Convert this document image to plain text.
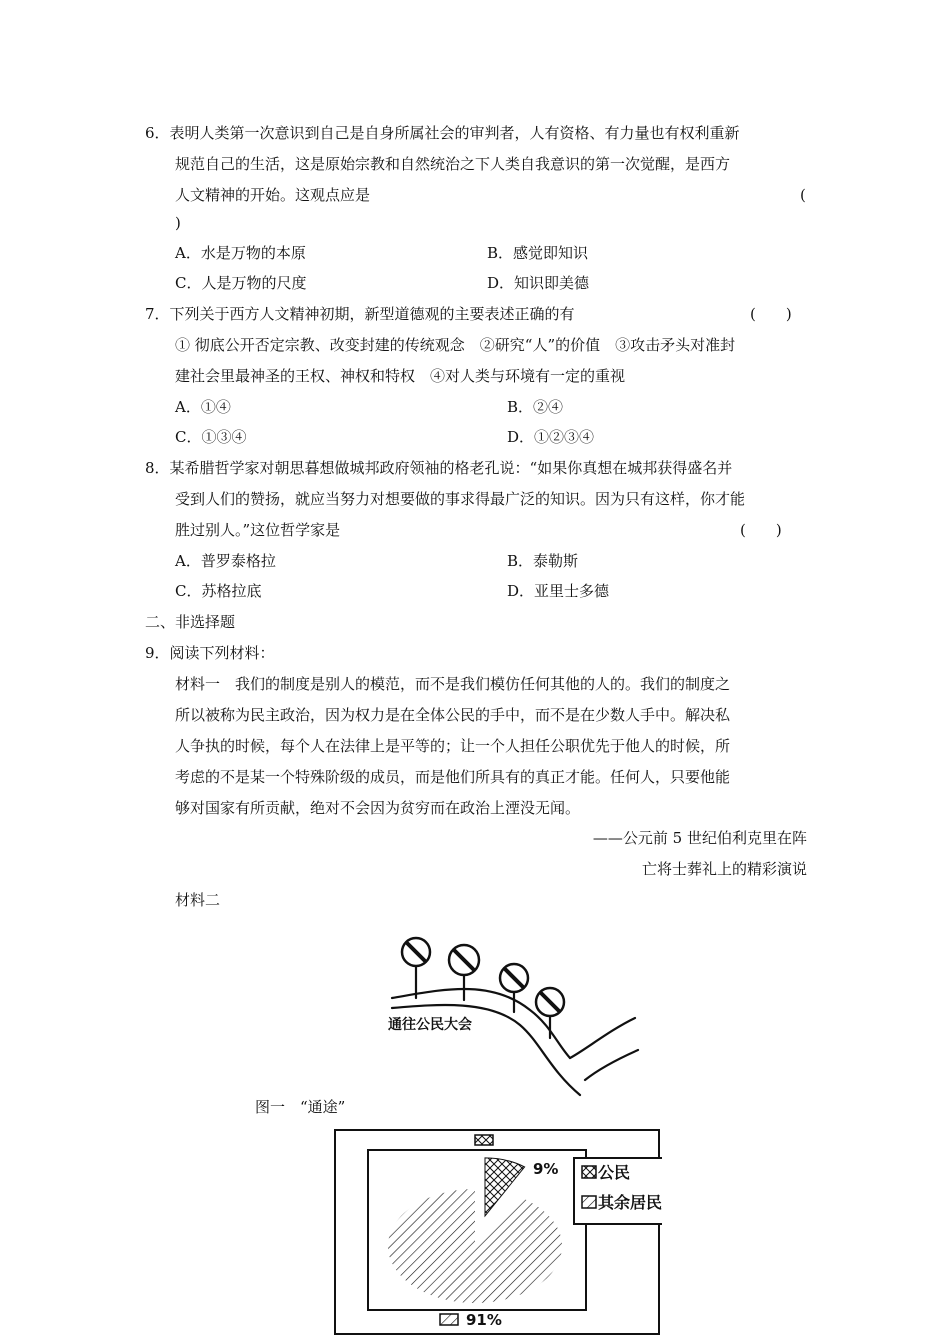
6．表明人类第一次意识到自己是自身所属社会的审判者，人有资格、有力量也有权利重新
规范自己的生活，这是原始宗教和自然统治之下人类自我意识的第一次觉醒，是西方
人文精神的开始。这观点应是	(
)
A．水是万物的本原	B．感觉即知识
C．人是万物的尺度	D．知识即美德
7．下列关于西方人文精神初期，新型道德观的主要表述正确的有	(　　)
① 彻底公开否定宗教、改变封建的传统观念　②研究“人”的价值　③攻击矛头对准封
建社会里最神圣的王权、神权和特权　④对人类与环境有一定的重视
A．①④	B．②④
C．①③④	D．①②③④
8．某希腊哲学家对朝思暮想做城邦政府领袖的格老孔说：“如果你真想在城邦获得盛名并
受到人们的赞扬，就应当努力对想要做的事求得最广泛的知识。因为只有这样，你才能
胜过别人。”这位哲学家是	(　　)
A．普罗泰格拉	B．泰勒斯
C．苏格拉底	D．亚里士多德
二、非选择题
9．阅读下列材料：
材料一　我们的制度是别人的模范，而不是我们模仿任何其他的人的。我们的制度之
所以被称为民主政治，因为权力是在全体公民的手中，而不是在少数人手中。解决私
人争执的时候，每个人在法律上是平等的；让一个人担任公职优先于他人的时候，所
考虑的不是某一个特殊阶级的成员，而是他们所具有的真正才能。任何人，只要他能
够对国家有所贡献，绝对不会因为贫穷而在政治上湮没无闻。
——公元前 5 世纪伯利克里在阵
亡将士葬礼上的精彩演说
材料二
通往公民大会
图一　“通途”
9% 公民
其余居民
91%
